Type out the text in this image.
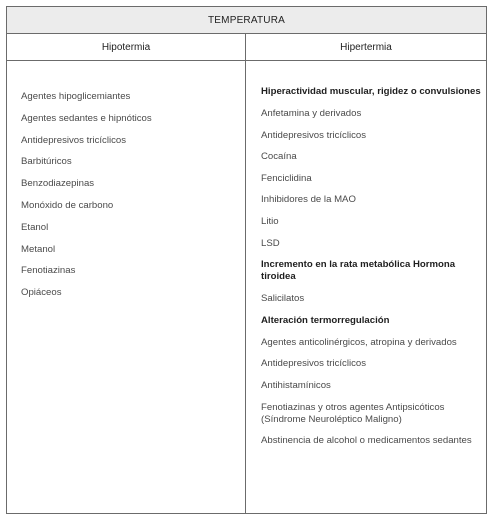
TEMPERATURA
Hipotermia	Hipertermia
Agentes hipoglicemiantes
Agentes sedantes e hipnóticos
Antidepresivos tricíclicos
Barbitúricos
Benzodiazepinas
Monóxido de carbono
Etanol
Metanol
Fenotiazinas
Opiáceos
Hiperactividad muscular, rigidez o convulsiones
Anfetamina y derivados
Antidepresivos tricíclicos
Cocaína
Fenciclidina
Inhibidores de la MAO
Litio
LSD
Incremento en la rata metabólica Hormona tiroidea
Salicilatos
Alteración termorregulación
Agentes anticolinérgicos, atropina y derivados
Antidepresivos tricíclicos
Antihistamínicos
Fenotiazinas y otros agentes Antipsicóticos (Síndrome Neuroléptico Maligno)
Abstinencia de alcohol o medicamentos sedantes
